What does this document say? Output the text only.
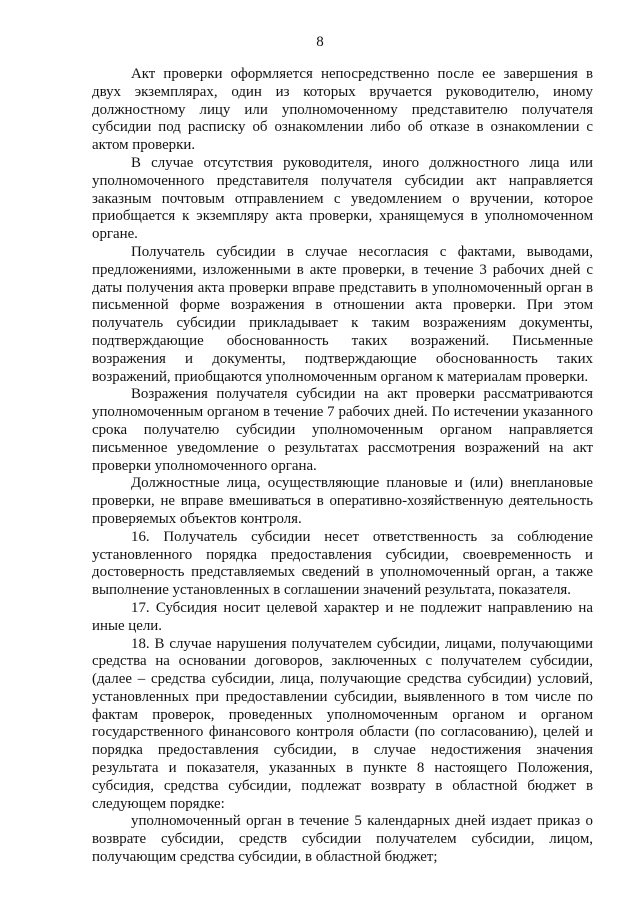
8

Акт проверки оформляется непосредственно после ее завершения в двух экземплярах, один из которых вручается руководителю, иному должностному лицу или уполномоченному представителю получателя субсидии под расписку об ознакомлении либо об отказе в ознакомлении с актом проверки.

В случае отсутствия руководителя, иного должностного лица или уполномоченного представителя получателя субсидии акт направляется заказным почтовым отправлением с уведомлением о вручении, которое приобщается к экземпляру акта проверки, хранящемуся в уполномоченном органе.

Получатель субсидии в случае несогласия с фактами, выводами, предложениями, изложенными в акте проверки, в течение 3 рабочих дней с даты получения акта проверки вправе представить в уполномоченный орган в письменной форме возражения в отношении акта проверки. При этом получатель субсидии прикладывает к таким возражениям документы, подтверждающие обоснованность таких возражений. Письменные возражения и документы, подтверждающие обоснованность таких возражений, приобщаются уполномоченным органом к материалам проверки.

Возражения получателя субсидии на акт проверки рассматриваются уполномоченным органом в течение 7 рабочих дней. По истечении указанного срока получателю субсидии уполномоченным органом направляется письменное уведомление о результатах рассмотрения возражений на акт проверки уполномоченного органа.

Должностные лица, осуществляющие плановые и (или) внеплановые проверки, не вправе вмешиваться в оперативно-хозяйственную деятельность проверяемых объектов контроля.

16. Получатель субсидии несет ответственность за соблюдение установленного порядка предоставления субсидии, своевременность и достоверность представляемых сведений в уполномоченный орган, а также выполнение установленных в соглашении значений результата, показателя.

17. Субсидия носит целевой характер и не подлежит направлению на иные цели.

18. В случае нарушения получателем субсидии, лицами, получающими средства на основании договоров, заключенных с получателем субсидии, (далее – средства субсидии, лица, получающие средства субсидии) условий, установленных при предоставлении субсидии, выявленного в том числе по фактам проверок, проведенных уполномоченным органом и органом государственного финансового контроля области (по согласованию), целей и порядка предоставления субсидии, в случае недостижения значения результата и показателя, указанных в пункте 8 настоящего Положения, субсидия, средства субсидии, подлежат возврату в областной бюджет в следующем порядке:

уполномоченный орган в течение 5 календарных дней издает приказ о возврате субсидии, средств субсидии получателем субсидии, лицом, получающим средства субсидии, в областной бюджет;
